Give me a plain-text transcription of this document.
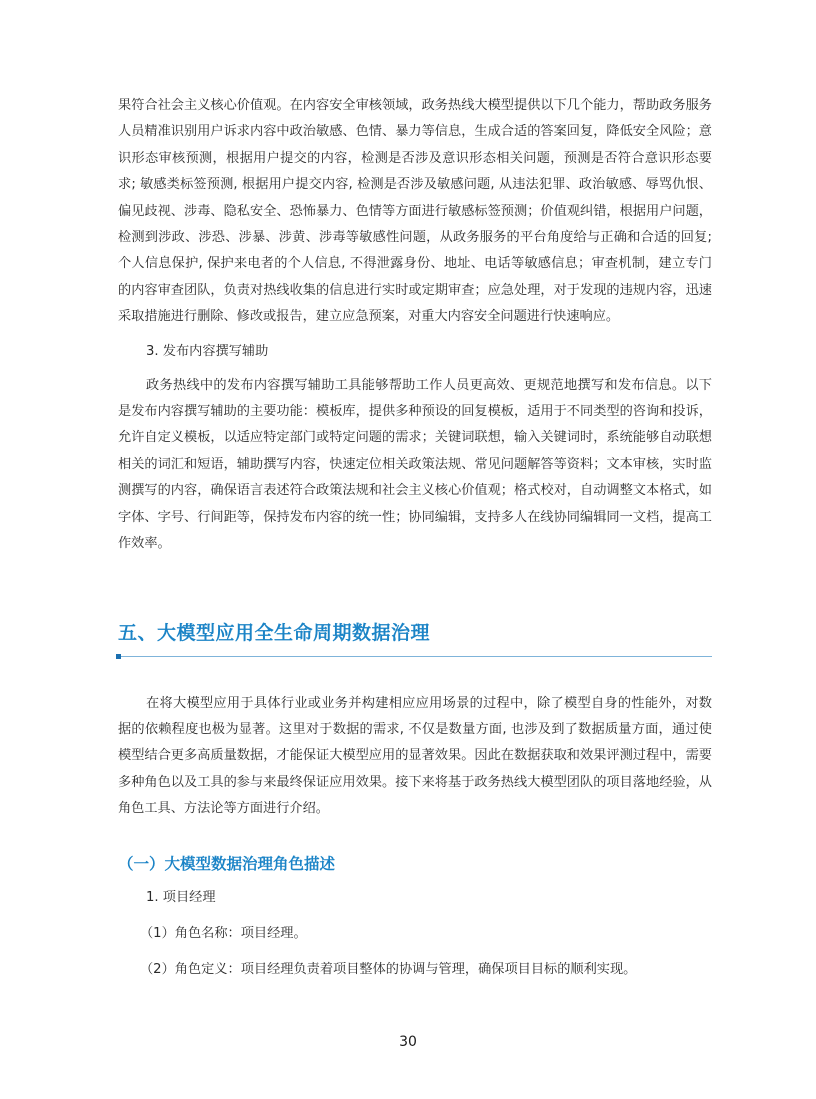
果符合社会主义核心价值观。在内容安全审核领域，政务热线大模型提供以下几个能力，帮助政务服务人员精准识别用户诉求内容中政治敏感、色情、暴力等信息，生成合适的答案回复，降低安全风险；意识形态审核预测，根据用户提交的内容，检测是否涉及意识形态相关问题，预测是否符合意识形态要求; 敏感类标签预测, 根据用户提交内容, 检测是否涉及敏感问题, 从违法犯罪、政治敏感、辱骂仇恨、偏见歧视、涉毒、隐私安全、恐怖暴力、色情等方面进行敏感标签预测；价值观纠错，根据用户问题，检测到涉政、涉恐、涉暴、涉黄、涉毒等敏感性问题，从政务服务的平台角度给与正确和合适的回复; 个人信息保护, 保护来电者的个人信息, 不得泄露身份、地址、电话等敏感信息；审查机制，建立专门的内容审查团队，负责对热线收集的信息进行实时或定期审查；应急处理，对于发现的违规内容，迅速采取措施进行删除、修改或报告，建立应急预案，对重大内容安全问题进行快速响应。

3. 发布内容撰写辅助

政务热线中的发布内容撰写辅助工具能够帮助工作人员更高效、更规范地撰写和发布信息。以下是发布内容撰写辅助的主要功能：模板库，提供多种预设的回复模板，适用于不同类型的咨询和投诉，允许自定义模板，以适应特定部门或特定问题的需求；关键词联想，输入关键词时，系统能够自动联想相关的词汇和短语，辅助撰写内容，快速定位相关政策法规、常见问题解答等资料；文本审核，实时监测撰写的内容，确保语言表述符合政策法规和社会主义核心价值观；格式校对，自动调整文本格式，如字体、字号、行间距等，保持发布内容的统一性；协同编辑，支持多人在线协同编辑同一文档，提高工作效率。

五、大模型应用全生命周期数据治理

在将大模型应用于具体行业或业务并构建相应应用场景的过程中，除了模型自身的性能外，对数据的依赖程度也极为显著。这里对于数据的需求, 不仅是数量方面, 也涉及到了数据质量方面，通过使模型结合更多高质量数据，才能保证大模型应用的显著效果。因此在数据获取和效果评测过程中，需要多种角色以及工具的参与来最终保证应用效果。接下来将基于政务热线大模型团队的项目落地经验，从角色工具、方法论等方面进行介绍。

（一）大模型数据治理角色描述

1. 项目经理

（1）角色名称：项目经理。

（2）角色定义：项目经理负责着项目整体的协调与管理，确保项目目标的顺利实现。

30
